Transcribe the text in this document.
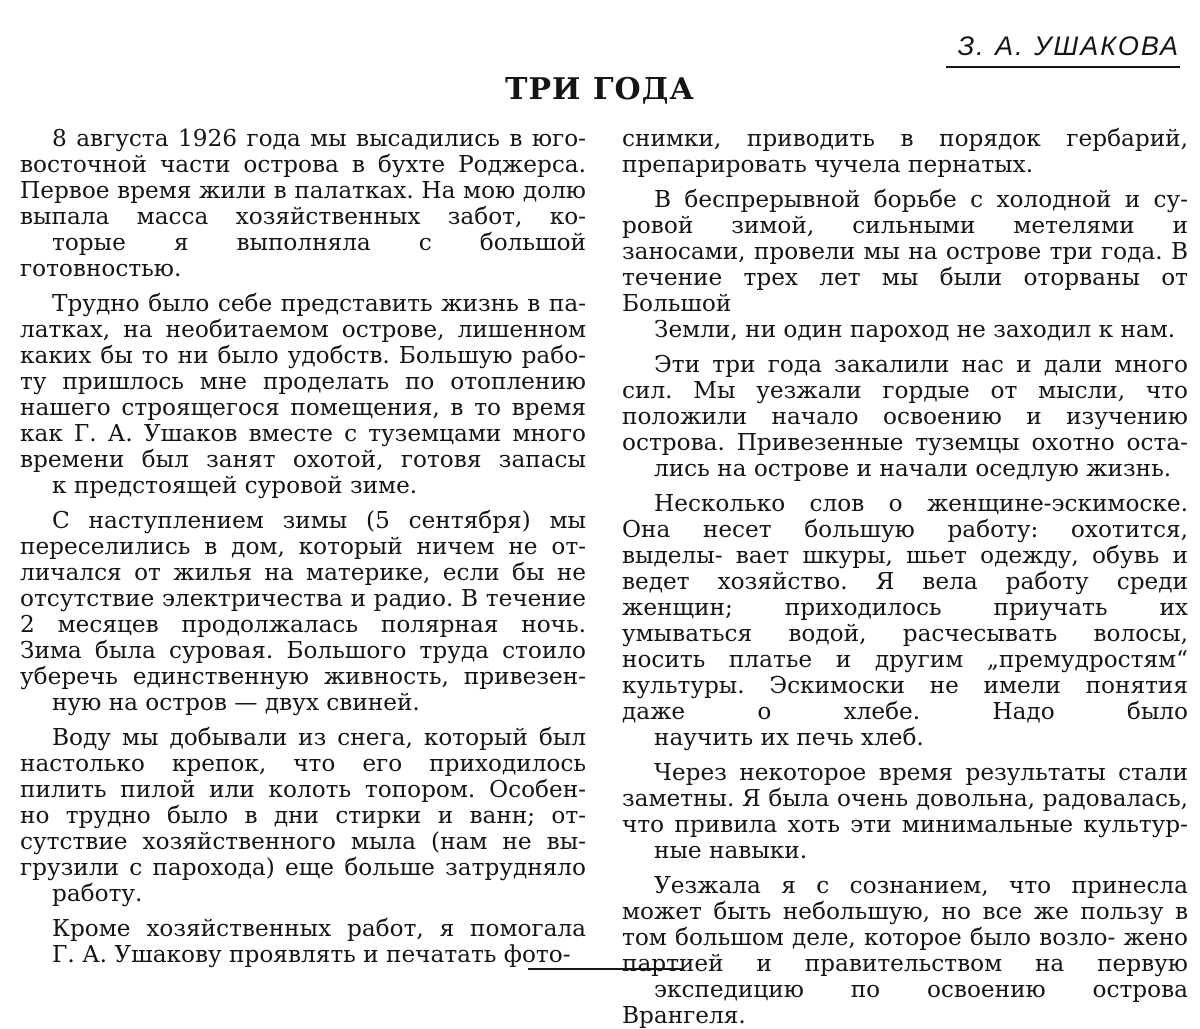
З. А. УШАКОВА
ТРИ ГОДА

8 августа 1926 года мы высадились в юго- восточной части острова в бухте Роджерса. Первое время жили в палатках. На мою долю выпала масса хозяйственных забот, ко-
торые я выполняла с большой готовностью.

Трудно было себе представить жизнь в па- латках, на необитаемом острове, лишенном каких бы то ни было удобств. Большую рабо- ту пришлось мне проделать по отоплению нашего строящегося помещения, в то время как Г. А. Ушаков вместе с туземцами много времени был занят охотой, готовя запасы
к предстоящей суровой зиме.

С наступлением зимы (5 сентября) мы переселились в дом, который ничем не от- личался от жилья на материке, если бы не отсутствие электричества и радио. В течение 2 месяцев продолжалась полярная ночь. Зима была суровая. Большого труда стоило уберечь единственную живность, привезен-
ную на остров — двух свиней.

Воду мы добывали из снега, который был настолько крепок, что его приходилось пилить пилой или колоть топором. Особен- но трудно было в дни стирки и ванн; от- сутствие хозяйственного мыла (нам не вы- грузили с парохода) еще больше затрудняло
работу.

Кроме хозяйственных работ, я помогала
Г. А. Ушакову проявлять и печатать фото-

снимки, приводить в порядок гербарий,
препарировать чучела пернатых.

В беспрерывной борьбе с холодной и су- ровой зимой, сильными метелями и заносами, провели мы на острове три года. В течение трех лет мы были оторваны от Большой
Земли, ни один пароход не заходил к нам.

Эти три года закалили нас и дали много сил. Мы уезжали гордые от мысли, что положили начало освоению и изучению острова. Привезенные туземцы охотно оста-
лись на острове и начали оседлую жизнь.

Несколько слов о женщине-эскимоске. Она несет большую работу: охотится, выделы- вает шкуры, шьет одежду, обувь и ведет хозяйство. Я вела работу среди женщин; приходилось приучать их умываться водой, расчесывать волосы, носить платье и другим „премудростям“ культуры. Эскимоски не имели понятия даже о хлебе. Надо было
научить их печь хлеб.

Через некоторое время результаты стали заметны. Я была очень довольна, радовалась, что привила хоть эти минимальные культур-
ные навыки.

Уезжала я с сознанием, что принесла может быть небольшую, но все же пользу в том большом деле, которое было возло- жено партией и правительством на первую
экспедицию по освоению острова Врангеля.
